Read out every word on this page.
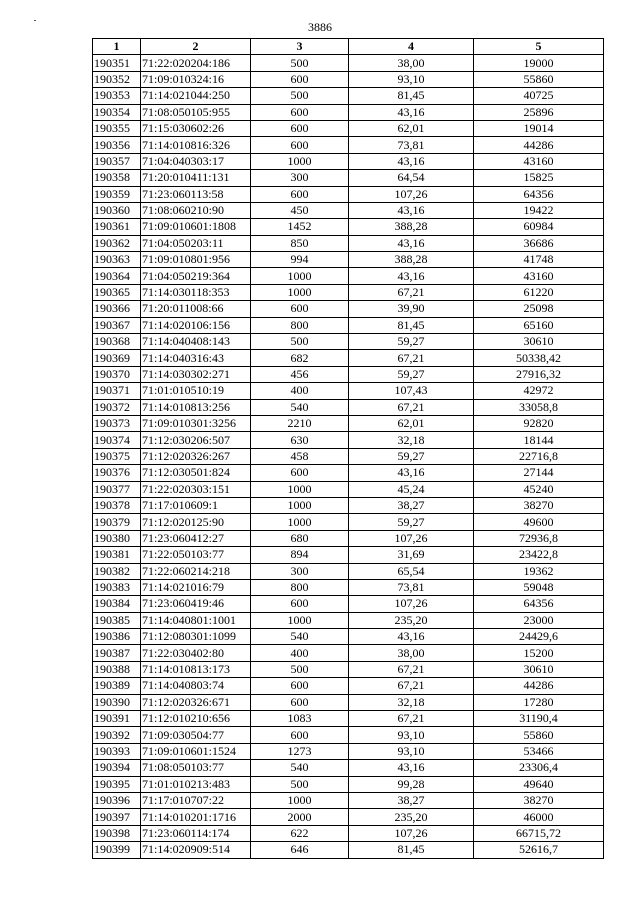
3886
1	2	3	4	5
190351	71:22:020204:186	500	38,00	19000
190352	71:09:010324:16	600	93,10	55860
190353	71:14:021044:250	500	81,45	40725
190354	71:08:050105:955	600	43,16	25896
190355	71:15:030602:26	600	62,01	19014
190356	71:14:010816:326	600	73,81	44286
190357	71:04:040303:17	1000	43,16	43160
190358	71:20:010411:131	300	64,54	15825
190359	71:23:060113:58	600	107,26	64356
190360	71:08:060210:90	450	43,16	19422
190361	71:09:010601:1808	1452	388,28	60984
190362	71:04:050203:11	850	43,16	36686
190363	71:09:010801:956	994	388,28	41748
190364	71:04:050219:364	1000	43,16	43160
190365	71:14:030118:353	1000	67,21	61220
190366	71:20:011008:66	600	39,90	25098
190367	71:14:020106:156	800	81,45	65160
190368	71:14:040408:143	500	59,27	30610
190369	71:14:040316:43	682	67,21	50338,42
190370	71:14:030302:271	456	59,27	27916,32
190371	71:01:010510:19	400	107,43	42972
190372	71:14:010813:256	540	67,21	33058,8
190373	71:09:010301:3256	2210	62,01	92820
190374	71:12:030206:507	630	32,18	18144
190375	71:12:020326:267	458	59,27	22716,8
190376	71:12:030501:824	600	43,16	27144
190377	71:22:020303:151	1000	45,24	45240
190378	71:17:010609:1	1000	38,27	38270
190379	71:12:020125:90	1000	59,27	49600
190380	71:23:060412:27	680	107,26	72936,8
190381	71:22:050103:77	894	31,69	23422,8
190382	71:22:060214:218	300	65,54	19362
190383	71:14:021016:79	800	73,81	59048
190384	71:23:060419:46	600	107,26	64356
190385	71:14:040801:1001	1000	235,20	23000
190386	71:12:080301:1099	540	43,16	24429,6
190387	71:22:030402:80	400	38,00	15200
190388	71:14:010813:173	500	67,21	30610
190389	71:14:040803:74	600	67,21	44286
190390	71:12:020326:671	600	32,18	17280
190391	71:12:010210:656	1083	67,21	31190,4
190392	71:09:030504:77	600	93,10	55860
190393	71:09:010601:1524	1273	93,10	53466
190394	71:08:050103:77	540	43,16	23306,4
190395	71:01:010213:483	500	99,28	49640
190396	71:17:010707:22	1000	38,27	38270
190397	71:14:010201:1716	2000	235,20	46000
190398	71:23:060114:174	622	107,26	66715,72
190399	71:14:020909:514	646	81,45	52616,7
